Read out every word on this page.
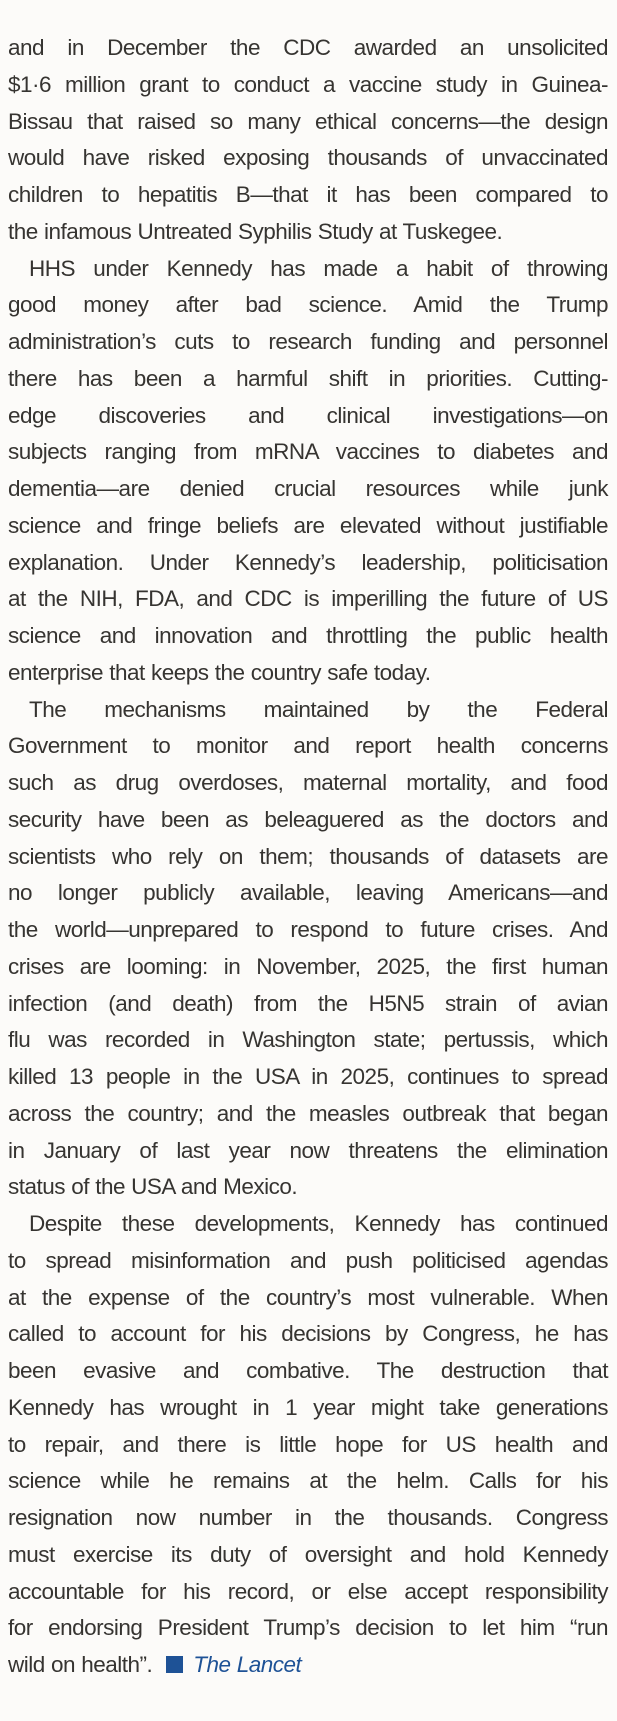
and in December the CDC awarded an unsolicited
$1·6 million grant to conduct a vaccine study in Guinea-
Bissau that raised so many ethical concerns—the design
would have risked exposing thousands of unvaccinated
children to hepatitis B—that it has been compared to
the infamous Untreated Syphilis Study at Tuskegee.
HHS under Kennedy has made a habit of throwing
good money after bad science. Amid the Trump
administration’s cuts to research funding and personnel
there has been a harmful shift in priorities. Cutting-
edge discoveries and clinical investigations—on
subjects ranging from mRNA vaccines to diabetes and
dementia—are denied crucial resources while junk
science and fringe beliefs are elevated without justifiable
explanation. Under Kennedy’s leadership, politicisation
at the NIH, FDA, and CDC is imperilling the future of US
science and innovation and throttling the public health
enterprise that keeps the country safe today.
The mechanisms maintained by the Federal
Government to monitor and report health concerns
such as drug overdoses, maternal mortality, and food
security have been as beleaguered as the doctors and
scientists who rely on them; thousands of datasets are
no longer publicly available, leaving Americans—and
the world—unprepared to respond to future crises. And
crises are looming: in November, 2025, the first human
infection (and death) from the H5N5 strain of avian
flu was recorded in Washington state; pertussis, which
killed 13 people in the USA in 2025, continues to spread
across the country; and the measles outbreak that began
in January of last year now threatens the elimination
status of the USA and Mexico.
Despite these developments, Kennedy has continued
to spread misinformation and push politicised agendas
at the expense of the country’s most vulnerable. When
called to account for his decisions by Congress, he has
been evasive and combative. The destruction that
Kennedy has wrought in 1 year might take generations
to repair, and there is little hope for US health and
science while he remains at the helm. Calls for his
resignation now number in the thousands. Congress
must exercise its duty of oversight and hold Kennedy
accountable for his record, or else accept responsibility
for endorsing President Trump’s decision to let him “run
wild on health”. The Lancet
